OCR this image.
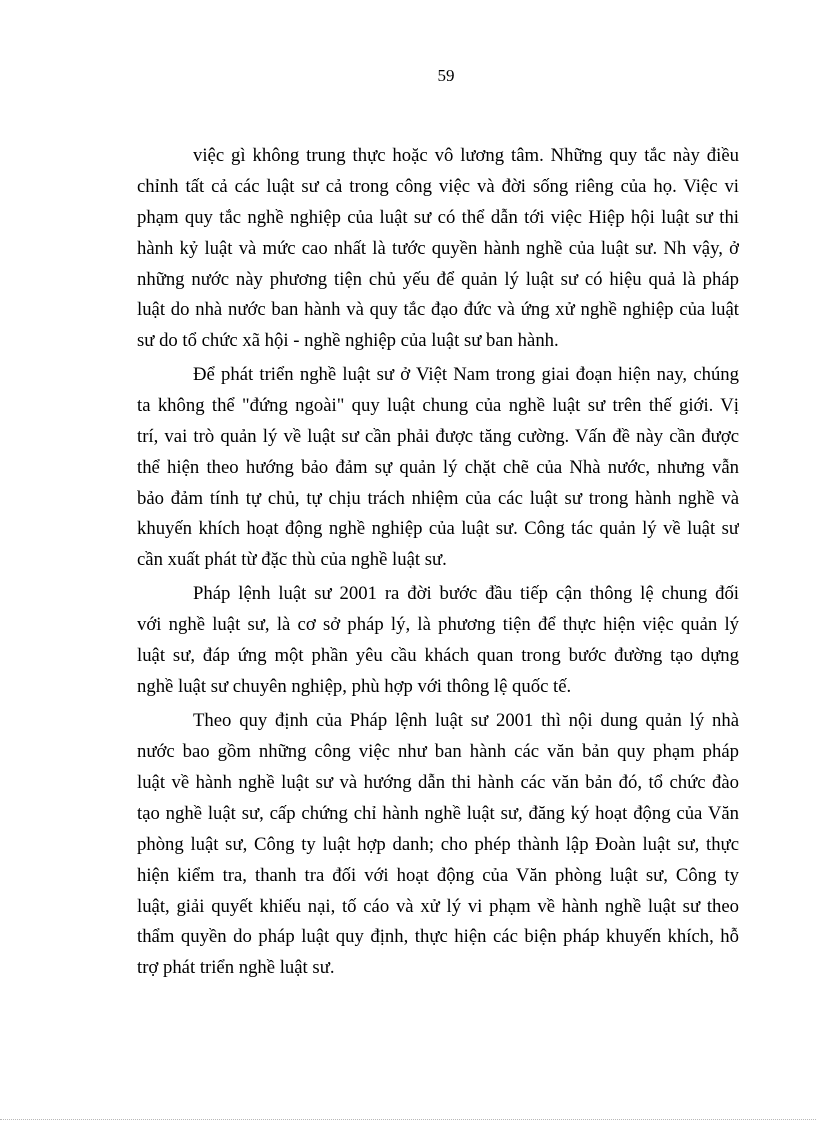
59
việc gì không trung thực hoặc vô lương tâm. Những quy tắc này điều
chỉnh tất cả các luật sư cả trong công việc và đời sống riêng của họ. Việc vi
phạm quy tắc nghề nghiệp của luật sư có thể dẫn tới việc Hiệp hội luật sư thi
hành kỷ luật và mức cao nhất là tước quyền hành nghề của luật sư. Nh vậy, ở
những nước này phương tiện chủ yếu để quản lý luật sư có hiệu quả là pháp
luật do nhà nước ban hành và quy tắc đạo đức và ứng xử nghề nghiệp của luật
sư do tổ chức xã hội - nghề nghiệp của luật sư ban hành.
Để phát triển nghề luật sư ở Việt Nam trong giai đoạn hiện nay, chúng
ta không thể "đứng ngoài" quy luật chung của nghề luật sư trên thế giới. Vị
trí, vai trò quản lý về luật sư cần phải được tăng cường. Vấn đề này cần được
thể hiện theo hướng bảo đảm sự quản lý chặt chẽ của Nhà nước, nhưng vẫn
bảo đảm tính tự chủ, tự chịu trách nhiệm của các luật sư trong hành nghề và
khuyến khích hoạt động nghề nghiệp của luật sư. Công tác quản lý về luật sư
cần xuất phát từ đặc thù của nghề luật sư.
Pháp lệnh luật sư 2001 ra đời bước đầu tiếp cận thông lệ chung đối
với nghề luật sư, là cơ sở pháp lý, là phương tiện để thực hiện việc quản lý
luật sư, đáp ứng một phần yêu cầu khách quan trong bước đường tạo dựng
nghề luật sư chuyên nghiệp, phù hợp với thông lệ quốc tế.
Theo quy định của Pháp lệnh luật sư 2001 thì nội dung quản lý nhà
nước bao gồm những công việc như ban hành các văn bản quy phạm pháp
luật về hành nghề luật sư và hướng dẫn thi hành các văn bản đó, tổ chức đào
tạo nghề luật sư, cấp chứng chỉ hành nghề luật sư, đăng ký hoạt động của Văn
phòng luật sư, Công ty luật hợp danh; cho phép thành lập Đoàn luật sư, thực
hiện kiểm tra, thanh tra đối với hoạt động của Văn phòng luật sư, Công ty
luật, giải quyết khiếu nại, tố cáo và xử lý vi phạm về hành nghề luật sư theo
thẩm quyền do pháp luật quy định, thực hiện các biện pháp khuyến khích, hỗ
trợ phát triển nghề luật sư.
